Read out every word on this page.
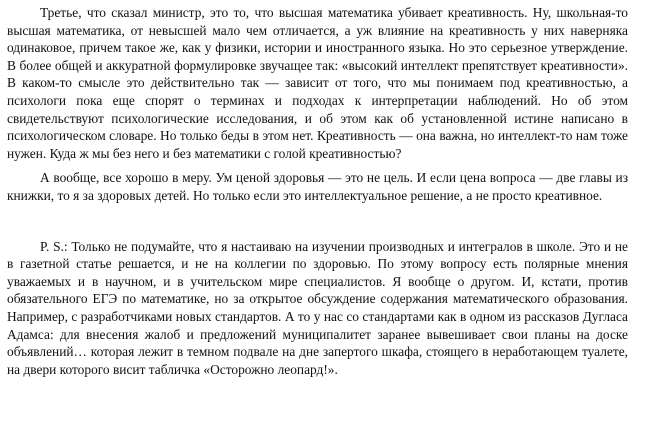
Третье, что сказал министр, это то, что высшая математика убивает креативность. Ну, школьная-то высшая математика, от невысшей мало чем отличается, а уж влияние на креативность у них наверняка одинаковое, причем такое же, как у физики, истории и иностранного языка. Но это серьезное утверждение. В более общей и аккуратной формулировке звучащее так: «высокий интеллект препятствует креативности». В каком-то смысле это действительно так — зависит от того, что мы понимаем под креативностью, а психологи пока еще спорят о терминах и подходах к интерпретации наблюдений. Но об этом свидетельствуют психологические исследования, и об этом как об установленной истине написано в психологическом словаре. Но только беды в этом нет. Креативность — она важна, но интеллект-то нам тоже нужен. Куда ж мы без него и без математики с голой креативностью?

А вообще, все хорошо в меру. Ум ценой здоровья — это не цель. И если цена вопроса — две главы из книжки, то я за здоровых детей. Но только если это интеллектуальное решение, а не просто креативное.

P. S.: Только не подумайте, что я настаиваю на изучении производных и интегралов в школе. Это и не в газетной статье решается, и не на коллегии по здоровью. По этому вопросу есть полярные мнения уважаемых и в научном, и в учительском мире специалистов. Я вообще о другом. И, кстати, против обязательного ЕГЭ по математике, но за открытое обсуждение содержания математического образования. Например, с разработчиками новых стандартов. А то у нас со стандартами как в одном из рассказов Дугласа Адамса: для внесения жалоб и предложений муниципалитет заранее вывешивает свои планы на доске объявлений… которая лежит в темном подвале на дне запертого шкафа, стоящего в неработающем туалете, на двери которого висит табличка «Осторожно леопард!».
